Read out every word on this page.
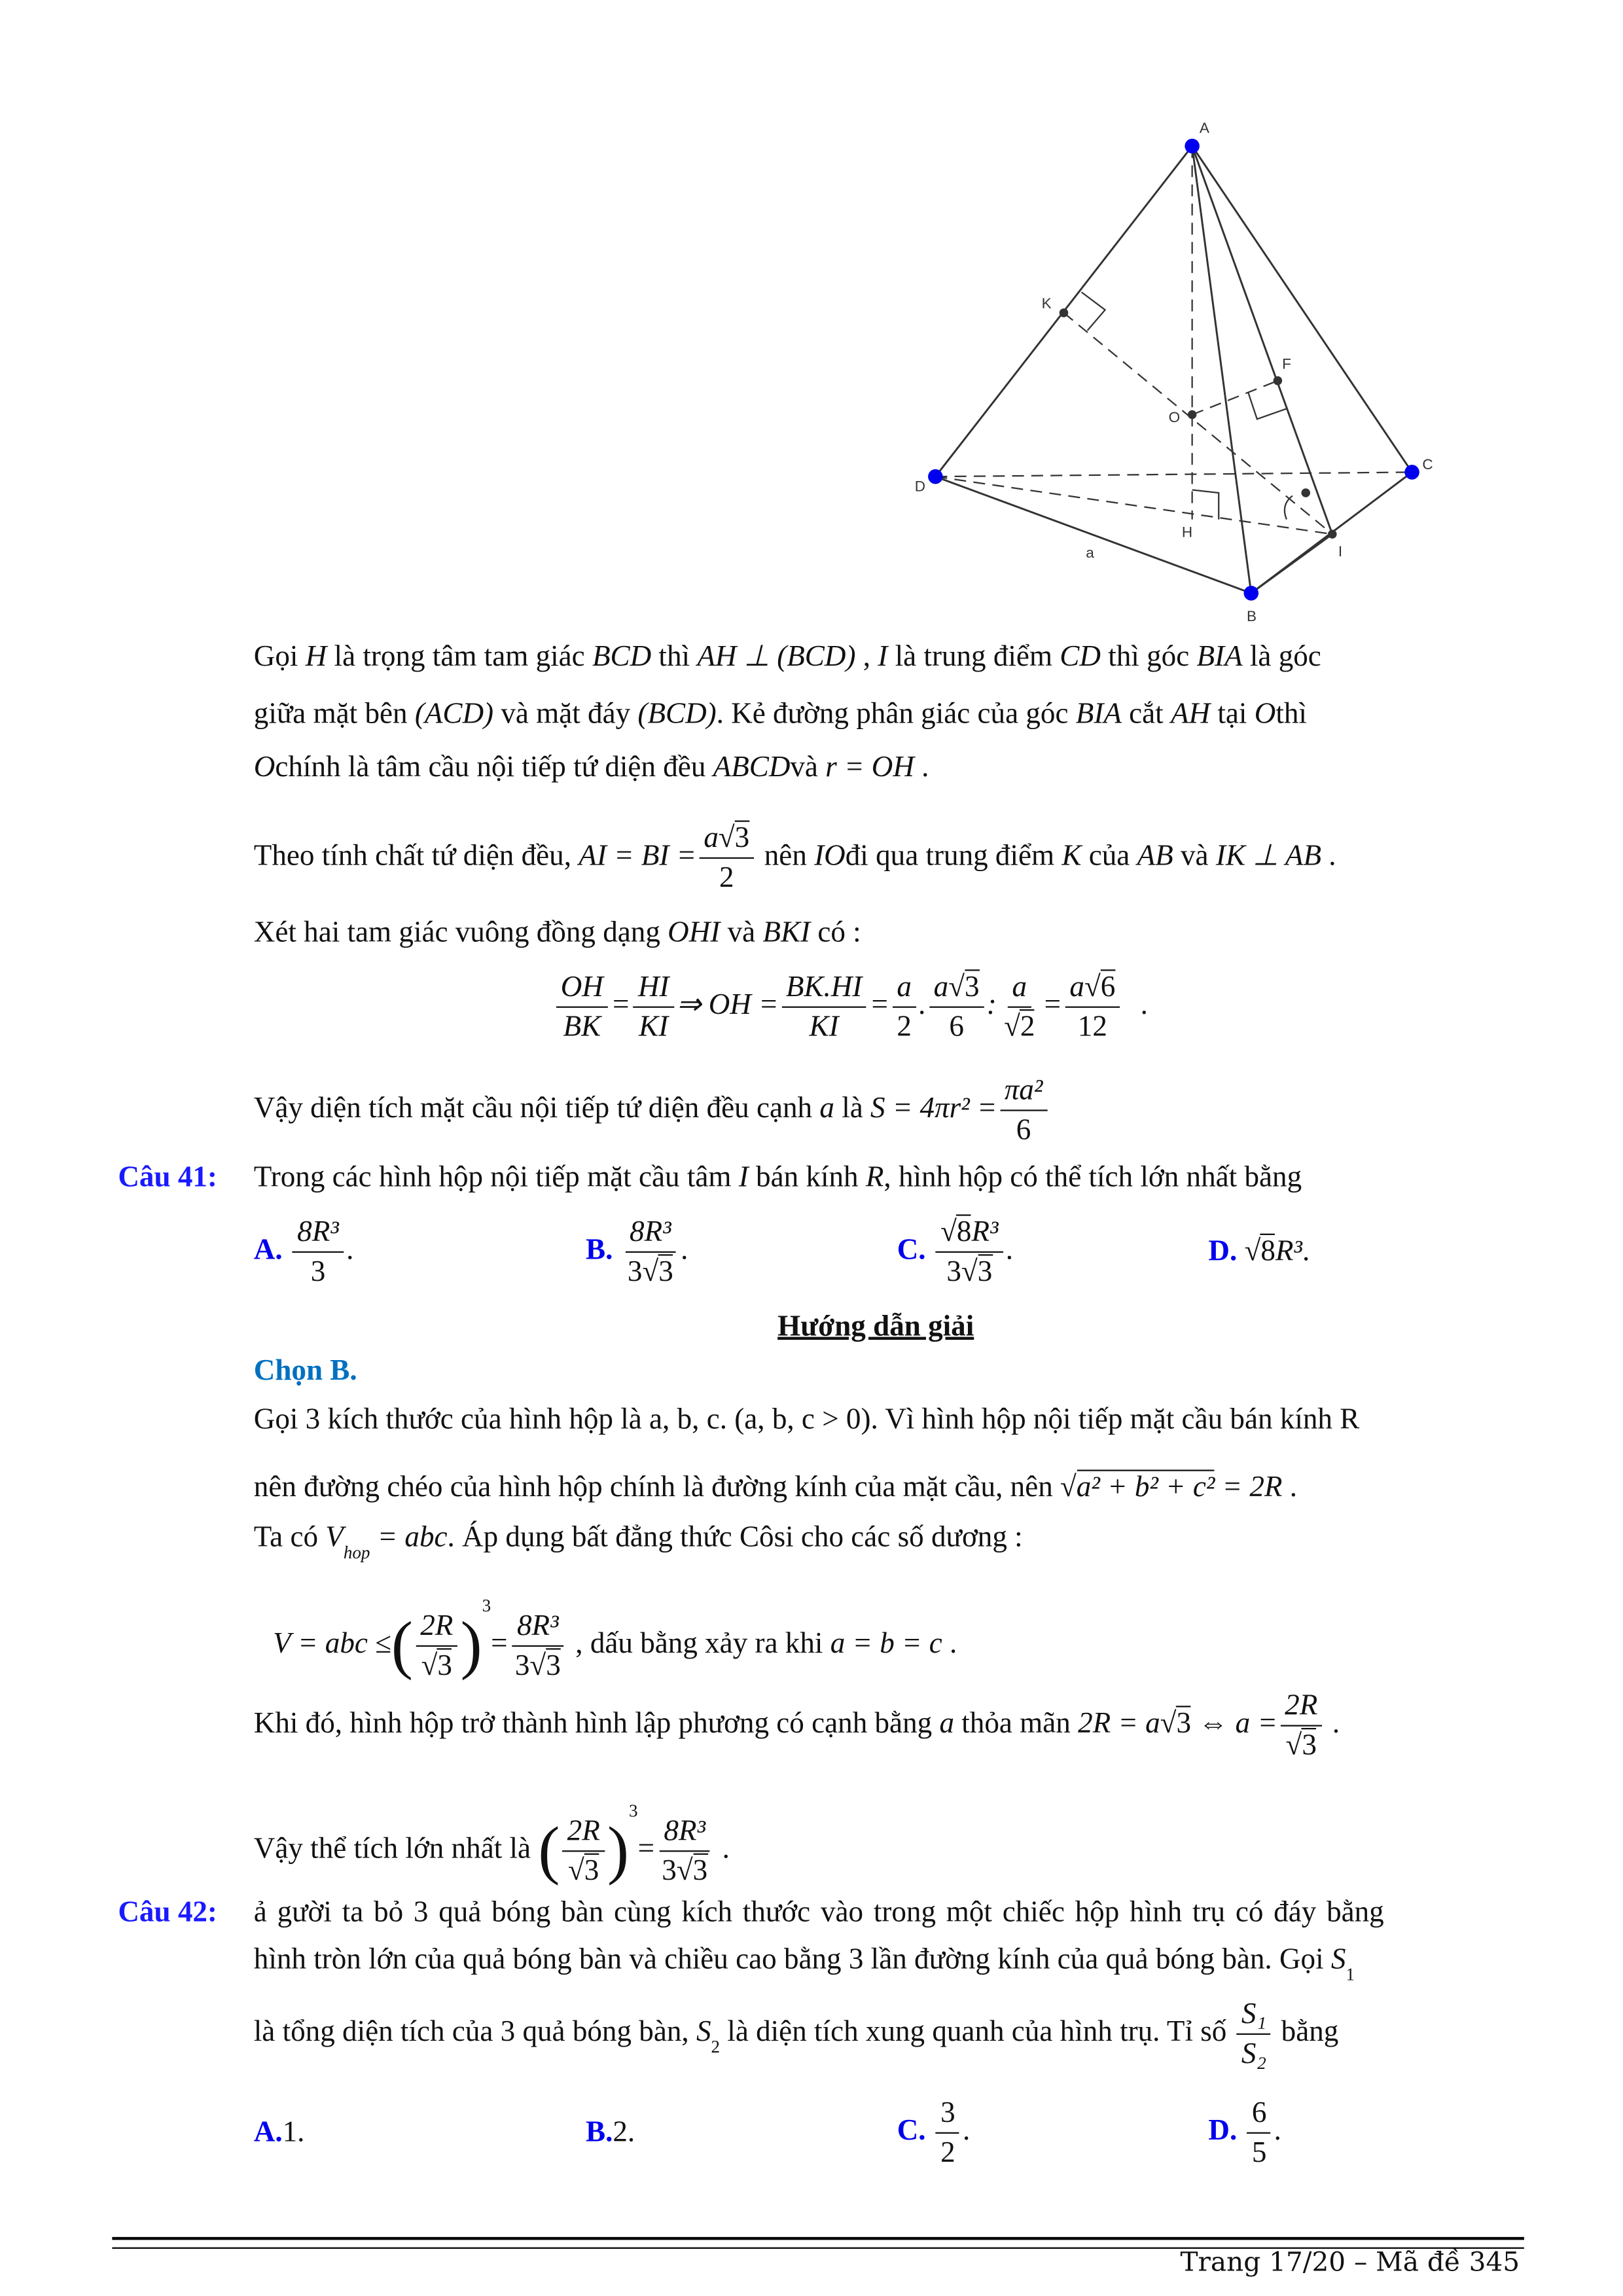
A
B
C
D
H
I
K
O
F
a
Gọi H là trọng tâm tam giác BCD thì AH ⊥ (BCD) , I là trung điểm CD thì góc BIA là góc
giữa mặt bên (ACD) và mặt đáy (BCD). Kẻ đường phân giác của góc BIA cắt AH tại Othì
Ochính là tâm cầu nội tiếp tứ diện đều ABCDvà r = OH .
Theo tính chất tứ diện đều, AI = BI = $\frac{a √ 3}{2}$ nên IOđi qua trung điểm K của AB và IK ⊥ AB .
Xét hai tam giác vuông đồng dạng OHI và BKI có :
$\frac{OH}{BK} = \frac{HI}{KI}$ ⇒ OH = $\frac{BK.HI}{KI} = \frac{a}{2}$ . $\frac{a √ 3}{6}$ : a
√ $2 = \frac{a √ 6}{12}$ .
Vậy diện tích mặt cầu nội tiếp tứ diện đều cạnh a là $S = 4\pi r^2 = \frac{\text{πa²}}{6}$
Câu 41:	Trong các hình hộp nội tiếp mặt cầu tâm I bán kính R, hình hộp có thể tích lớn nhất bằng
A. $\frac{\text{8R³}}{3}$ .	B. $\frac{\text{8R³}}{3 √ 3}$ .	C. √ $\frac{\text{8R³}}{3 √ 3}$ .	D. √ 8R³.
Hướng dẫn giải
Chọn B.
Gọi 3 kích thước của hình hộp là a, b, c. (a, b, c > 0). Vì hình hộp nội tiếp mặt cầu bán kính R
nên đường chéo của hình hộp chính là đường kính của mặt cầu, nên √ a² + b² + c² = 2R .
Ta có $V_{hop}$ = abc. Áp dụng bất đẳng thức Côsi cho các số dương :
V = abc ≤( 2R
√ 3 )$^3= \frac{\text{8R³}}{3 √ 3}$ , dấu bằng xảy ra khi a = b = c .
Khi đó, hình hộp trở thành hình lập phương có cạnh bằng a thỏa mãn 2R = a √ 3 ⇔ a = 2R
√ 3 .
Vậy thể tích lớn nhất là ( 2R
√ 3 )$^3= \frac{\text{8R³}}{3 √ 3}$ .
Câu 42:	ả gười ta bỏ 3 quả bóng bàn cùng kích thước vào trong một chiếc hộp hình trụ có đáy bằng
hình tròn lớn của quả bóng bàn và chiều cao bằng 3 lần đường kính của quả bóng bàn. Gọi $S_1$
là tổng diện tích của 3 quả bóng bàn, $S_2$ là diện tích xung quanh của hình trụ. Tỉ số $\frac{\text{S₁}}{\text{S₂}}$ bằng
A.1.	B.2.	C. $\frac{3}{2}$ .	D. $\frac{6}{5}$ .
Trang 17/20 – Mã đề 345
